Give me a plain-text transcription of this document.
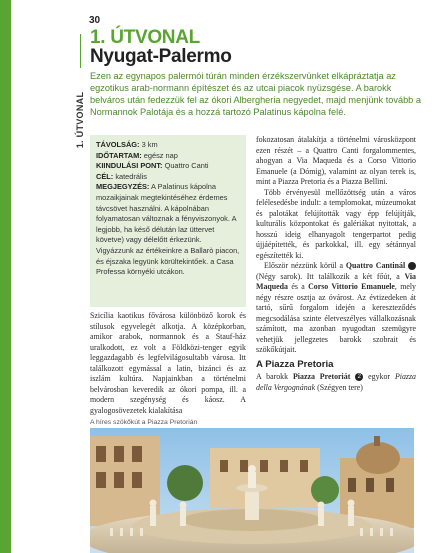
30
1. ÚTVONAL
1. ÚTVONAL
Nyugat-Palermo

Ezen az egynapos palermói túrán minden érzékszervünket elkápráztatja az egzotikus arab-normann építészet és az utcai piacok nyüzsgése. A barokk belváros után fedezzük fel az ókori Albergheria negyedet, majd menjünk tovább a Normannok Palotája és a hozzá tartozó Palatinus kápolna felé.

TÁVOLSÁG: 3 km

IDŐTARTAM: egész nap

KIINDULÁSI PONT: Quattro Canti

CÉL: katedrális

MEGJEGYZÉS: A Palatinus kápolna mozaikjainak megtekintéséhez érdemes távcsövet használni. A kápolnában folyamatosan változnak a fényviszonyok. A legjobb, ha késő délután laz üttervet követve) vagy délelőtt érkezünk. Vigyázzunk az értékeinkre a Ballarò piacon, és éjszaka legyünk körültekintőek. a Casa Professa környéki utcákon.

Szicília kaotikus fővárosa különböző korok és stílusok egyvelegét alkotja. A középkorban, amikor arabok, normannok és a Stauf-ház uralkodott, ez volt a Földközi-tenger egyik leggazdagabb és legfelvilágosultabb városa. Itt találkozott egymással a latin, bizánci és az iszlám kultúra. Napjainkban a történelmi belvárosban keveredik az ókori pompa, ill. a modern szegénység és káosz. A gyalogosövezetek kialakítása

fokozatosan átalakítja a történelmi városközpont ezen részét – a Quattro Canti forgalommentes, ahogyan a Via Maqueda és a Corso Vittorio Emanuele (a Dómig), valamint az olyan terek is, mint a Piazza Pretoria és a Piazza Bellini.

Több érvényesül mellőzöttség után a város felélesedésbe indult: a templomokat, múzeumokat és palotákat felújították vagy épp felújítják, kulturális központokat és galériákat nyitottak, a hosszú ideig elhanyagolt tengerpartot pedig újjáépítették, és parkokkal, ill. egy sétánnyal egészítették ki.

Először nézzünk körül a Quattro Cantinál 1 (Négy sarok). Itt találkozik a két főút, a Via Maqueda és a Corso Vittorio Emanuele, mely négy részre osztja az óvárost. Az évtizedeken át tartó, sűrű forgalom idején a kereszteződés megcsodálása szinte életveszélyes vállalkozásnak számított, ma azonban nyugodtan szemügyre vehetjük jellegzetes barokk szobrait és szökőkútjait.

A Piazza Pretoria

A barokk Piazza Pretoriát 2 egykor Piazza della Vergognának (Szégyen tere)

A híres szökőkút a Piazza Pretorián
